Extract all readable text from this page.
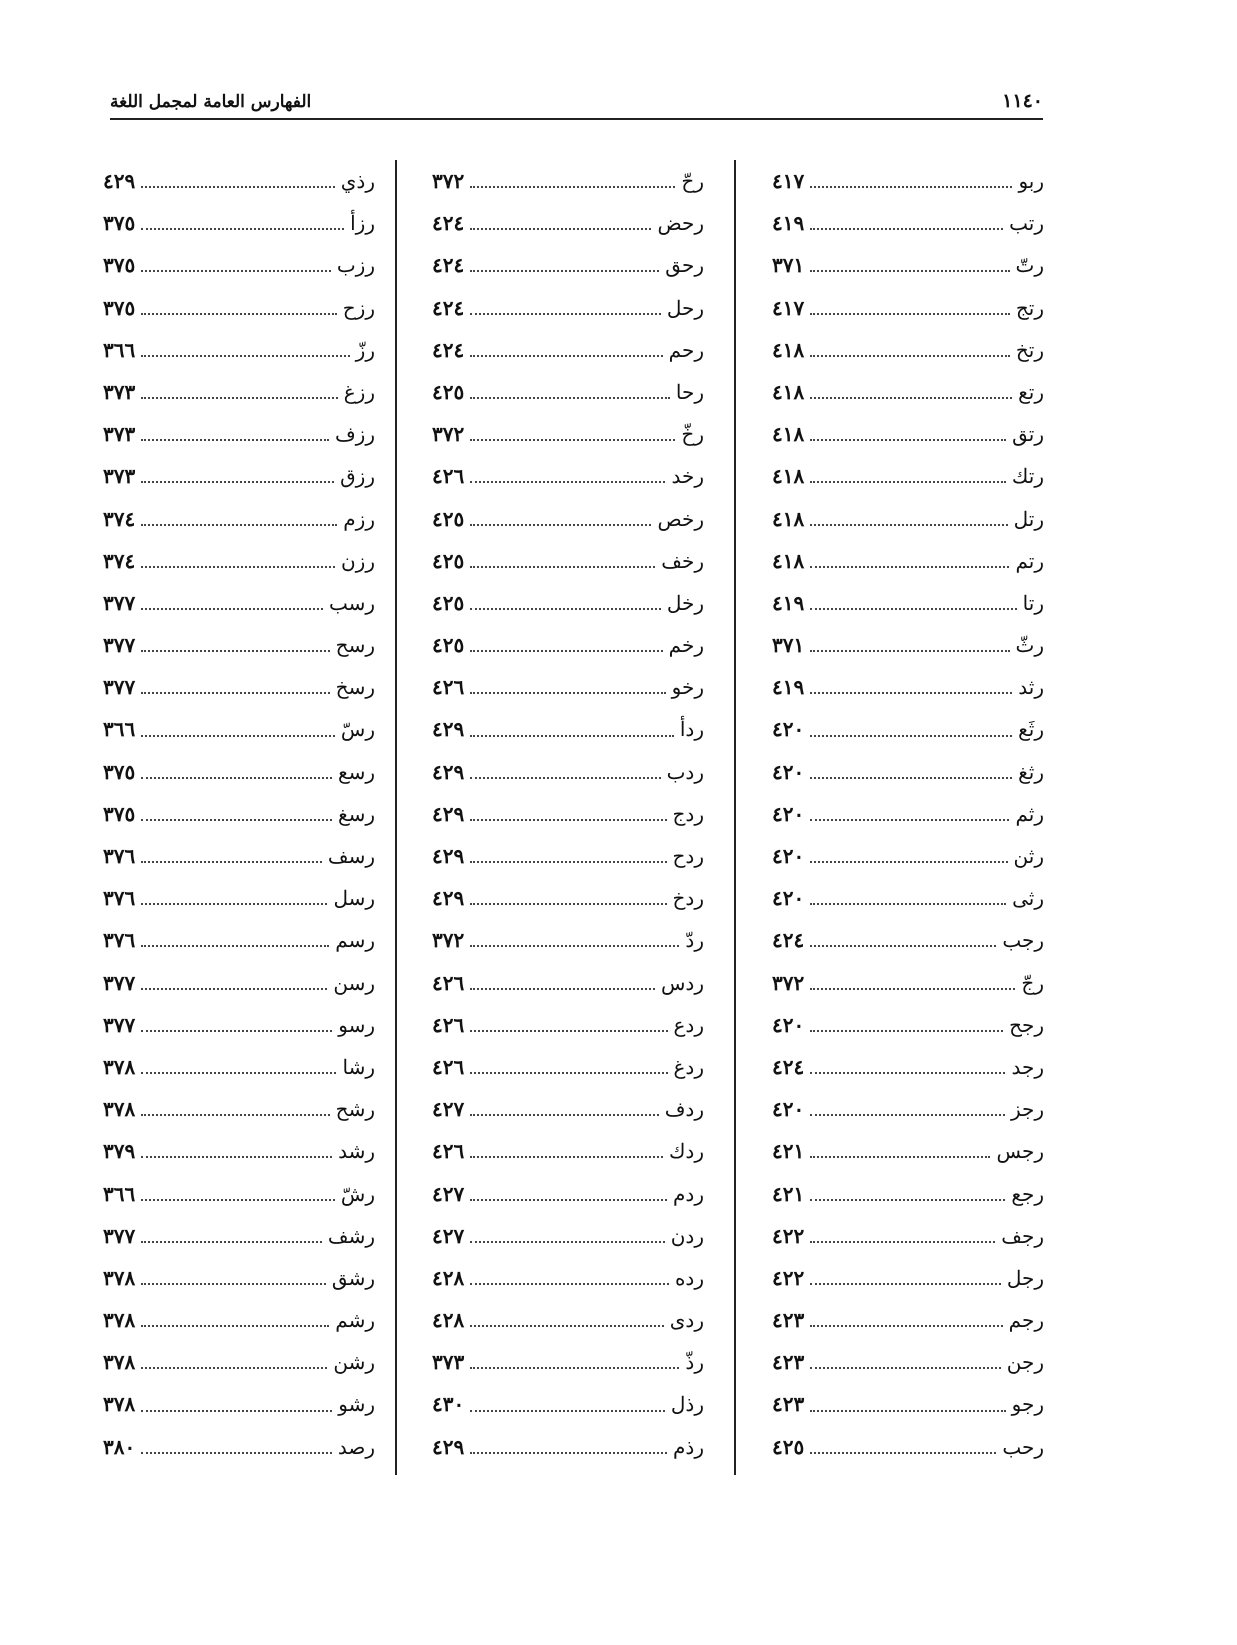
الفهارس العامة لمجمل اللغة	١١٤٠
ربو
٤١٧
رتب
٤١٩
رتّ
٣٧١
رتج
٤١٧
رتخ
٤١٨
رتع
٤١٨
رتق
٤١٨
رتك
٤١٨
رتل
٤١٨
رتم
٤١٨
رتا
٤١٩
رثّ
٣٧١
رثد
٤١٩
رثَع
٤٢٠
رثغ
٤٢٠
رثم
٤٢٠
رثن
٤٢٠
رثى
٤٢٠
رجب
٤٢٤
رجّ
٣٧٢
رجح
٤٢٠
رجد
٤٢٤
رجز
٤٢٠
رجس
٤٢١
رجع
٤٢١
رجف
٤٢٢
رجل
٤٢٢
رجم
٤٢٣
رجن
٤٢٣
رجو
٤٢٣
رحب
٤٢٥
رحّ
٣٧٢
رحض
٤٢٤
رحق
٤٢٤
رحل
٤٢٤
رحم
٤٢٤
رحا
٤٢٥
رخّ
٣٧٢
رخد
٤٢٦
رخص
٤٢٥
رخف
٤٢٥
رخل
٤٢٥
رخم
٤٢٥
رخو
٤٢٦
ردأ
٤٢٩
ردب
٤٢٩
ردج
٤٢٩
ردح
٤٢٩
ردخ
٤٢٩
ردّ
٣٧٢
ردس
٤٢٦
ردع
٤٢٦
ردغ
٤٢٦
ردف
٤٢٧
ردك
٤٢٦
ردم
٤٢٧
ردن
٤٢٧
رده
٤٢٨
ردى
٤٢٨
رذّ
٣٧٣
رذل
٤٣٠
رذم
٤٢٩
رذي
٤٢٩
رزأ
٣٧٥
رزب
٣٧٥
رزح
٣٧٥
رزّ
٣٦٦
رزغ
٣٧٣
رزف
٣٧٣
رزق
٣٧٣
رزم
٣٧٤
رزن
٣٧٤
رسب
٣٧٧
رسح
٣٧٧
رسخ
٣٧٧
رسّ
٣٦٦
رسع
٣٧٥
رسغ
٣٧٥
رسف
٣٧٦
رسل
٣٧٦
رسم
٣٧٦
رسن
٣٧٧
رسو
٣٧٧
رشا
٣٧٨
رشح
٣٧٨
رشد
٣٧٩
رشّ
٣٦٦
رشف
٣٧٧
رشق
٣٧٨
رشم
٣٧٨
رشن
٣٧٨
رشو
٣٧٨
رصد
٣٨٠
